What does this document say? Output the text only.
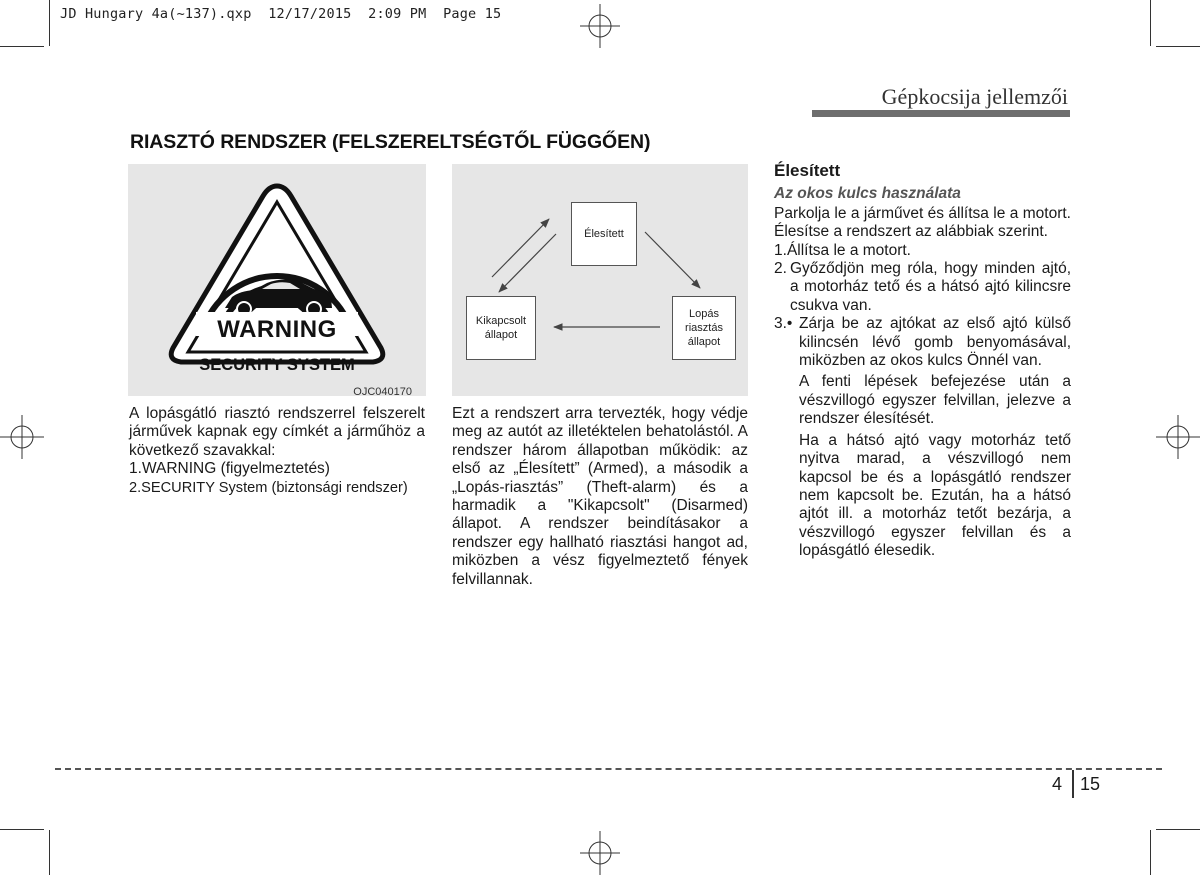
JD Hungary 4a(~137).qxp  12/17/2015  2:09 PM  Page 15
Gépkocsija jellemzői
RIASZTÓ RENDSZER (FELSZERELTSÉGTŐL FÜGGŐEN)
WARNING
SECURITY SYSTEM
OJC040170
Élesített
Kikapcsolt
állapot
Lopás
riasztás
állapot

A lopásgátló riasztó rendszerrel felszerelt járművek kapnak egy címkét a járműhöz a következő szavakkal:

1. WARNING (figyelmeztetés)
2. SECURITY System (biztonsági rendszer)

Ezt a rendszert arra tervezték, hogy védje meg az autót az illetéktelen behatolástól. A rendszer három állapotban működik: az első az „Élesített” (Armed), a második a „Lopás-riasztás” (Theft-alarm) és a harmadik a "Kikapcsolt" (Disarmed) állapot. A rendszer beindításakor a rendszer egy hallható riasztási hangot ad, miközben a vész figyelmeztető fények felvillannak.

Élesített
Az okos kulcs használata

Parkolja le a járművet és állítsa le a motort. Élesítse a rendszert az alábbiak szerint.

1. Állítsa le a motort.
2. Győződjön meg róla, hogy minden ajtó, a motorház tető és a hátsó ajtó kilincsre csukva van.
3.• Zárja be az ajtókat az első ajtó külső kilincsén lévő gomb benyomásával, miközben az okos kulcs Önnél van.

A fenti lépések befejezése után a vészvillogó egyszer felvillan, jelezve a rendszer élesítését.

Ha a hátsó ajtó vagy motorház tető nyitva marad, a vészvillogó nem kapcsol be és a lopásgátló rendszer nem kapcsolt be. Ezután, ha a hátsó ajtót ill. a motorház tetőt bezárja, a vészvillogó egyszer felvillan és a lopásgátló élesedik.

4 15
